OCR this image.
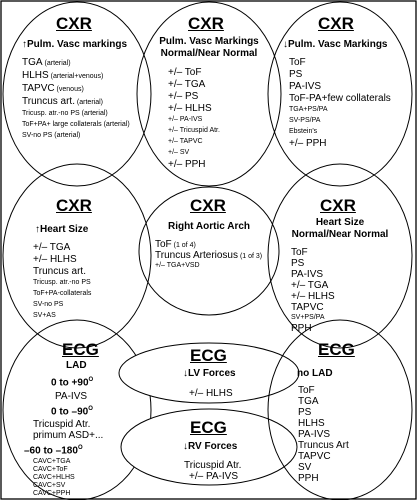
CXR
↑Pulm. Vasc markings
TGA (arterial)
HLHS (arterial+venous)
TAPVC (venous)
Truncus art. (arterial)
Tricusp. atr.-no PS (arterial)
ToF+PA+ large collaterals (arterial)
SV-no PS (arterial)
CXR
Pulm. Vasc Markings
Normal/Near Normal
+/– ToF
+/– TGA
+/– PS
+/– HLHS
+/– PA-IVS
+/– Tricuspid Atr.
+/– TAPVC
+/– SV
+/– PPH
CXR
↓Pulm. Vasc Markings
ToF
PS
PA-IVS
ToF-PA+few collaterals
TGA+PS/PA
SV-PS/PA
Ebstein's
+/– PPH
CXR
↑Heart Size
+/– TGA
+/– HLHS
Truncus art.
Tricusp. atr.-no PS
ToF+PA-collaterals
SV-no PS
SV+AS
CXR
Right Aortic Arch
ToF (1 of 4)
Truncus Arteriosus (1 of 3)
+/– TGA+VSD
CXR
Heart Size
Normal/Near Normal
ToF
PS
PA-IVS
+/– TGA
+/– HLHS
TAPVC
SV+PS/PA
PPH
ECG
LAD
0 to $+90^O$
PA-IVS
0 to $-90^O$
Tricuspid Atr.
primum ASD+...
–60 to $-180^O$
CAVC+TGA
CAVC+ToF
CAVC+HLHS
CAVC+SV
CAVC+PPH
ECG
↓LV Forces
+/– HLHS
ECG
↓RV Forces
Tricuspid Atr.
+/– PA-IVS
ECG
no LAD
ToF
TGA
PS
HLHS
PA-IVS
Truncus Art
TAPVC
SV
PPH
